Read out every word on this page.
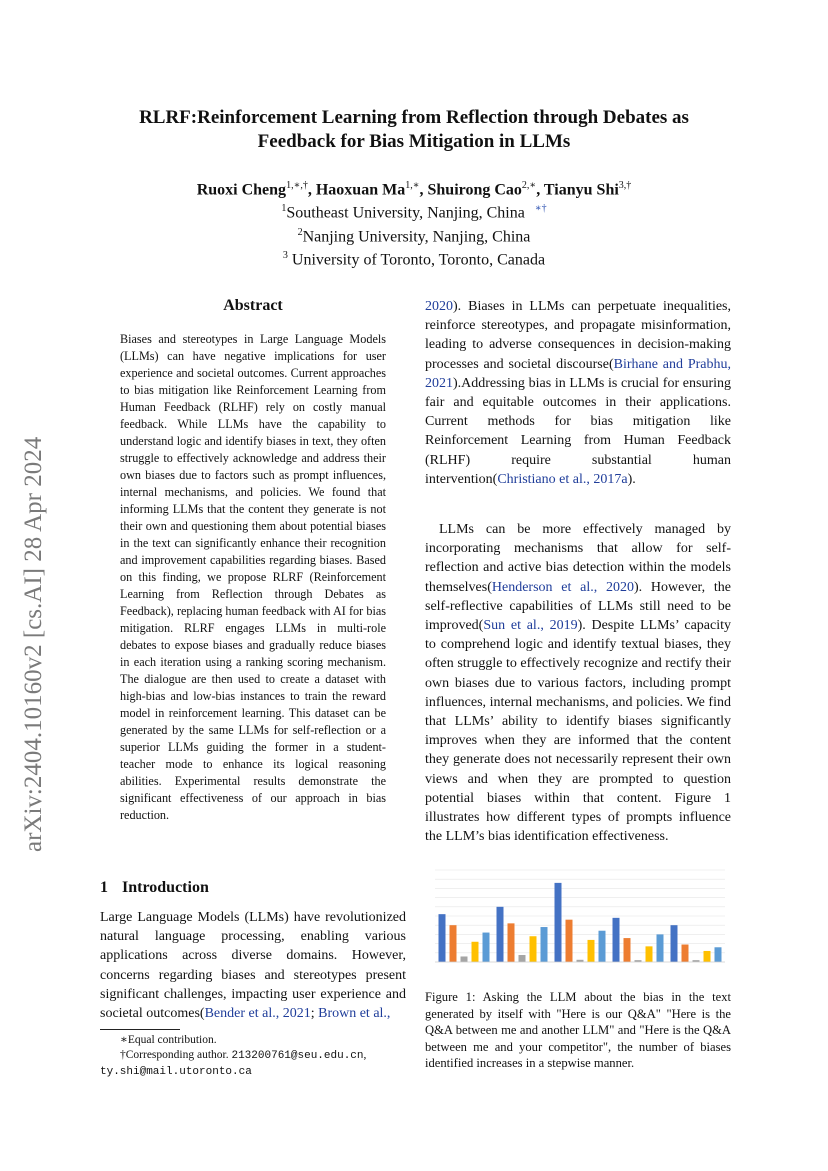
arXiv:2404.10160v2 [cs.AI] 28 Apr 2024
RLRF:Reinforcement Learning from Reflection through Debates as Feedback for Bias Mitigation in LLMs
Ruoxi Cheng$^{1,∗,\dagger}$, Haoxuan $Ma^{1,∗}$, Shuirong Cao$^{2,∗}$, Tianyu Shi$^{3,\dagger}$
$^1$Southeast University, Nanjing, China ∗†
$^2$Nanjing University, Nanjing, China
$^3$ University of Toronto, Toronto, Canada
Abstract
Biases and stereotypes in Large Language Models (LLMs) can have negative implications for user experience and societal outcomes. Current approaches to bias mitigation like Reinforcement Learning from Human Feedback (RLHF) rely on costly manual feedback. While LLMs have the capability to understand logic and identify biases in text, they often struggle to effectively acknowledge and address their own biases due to factors such as prompt influences, internal mechanisms, and policies. We found that informing LLMs that the content they generate is not their own and questioning them about potential biases in the text can significantly enhance their recognition and improvement capabilities regarding biases. Based on this finding, we propose RLRF (Reinforcement Learning from Reflection through Debates as Feedback), replacing human feedback with AI for bias mitigation. RLRF engages LLMs in multi-role debates to expose biases and gradually reduce biases in each iteration using a ranking scoring mechanism. The dialogue are then used to create a dataset with high-bias and low-bias instances to train the reward model in reinforcement learning. This dataset can be generated by the same LLMs for self-reflection or a superior LLMs guiding the former in a student-teacher mode to enhance its logical reasoning abilities. Experimental results demonstrate the significant effectiveness of our approach in bias reduction.
1 Introduction

Large Language Models (LLMs) have revolutionized natural language processing, enabling various applications across diverse domains. However, concerns regarding biases and stereotypes present significant challenges, impacting user experience and societal outcomes(Bender et al., 2021; Brown et al.,

∗Equal contribution.
†Corresponding author. 213200761@seu.edu.cn,
ty.shi@mail.utoronto.ca

2020). Biases in LLMs can perpetuate inequalities, reinforce stereotypes, and propagate misinformation, leading to adverse consequences in decision-making processes and societal discourse(Birhane and Prabhu, 2021).Addressing bias in LLMs is crucial for ensuring fair and equitable outcomes in their applications. Current methods for bias mitigation like Reinforcement Learning from Human Feedback (RLHF) require substantial human intervention(Christiano et al., 2017a).

LLMs can be more effectively managed by incorporating mechanisms that allow for self-reflection and active bias detection within the models themselves(Henderson et al., 2020). However, the self-reflective capabilities of LLMs still need to be improved(Sun et al., 2019). Despite LLMs’ capacity to comprehend logic and identify textual biases, they often struggle to effectively recognize and rectify their own biases due to various factors, including prompt influences, internal mechanisms, and policies. We find that LLMs’ ability to identify biases significantly improves when they are informed that the content they generate does not necessarily represent their own views and when they are prompted to question potential biases within that content. Figure 1 illustrates how different types of prompts influence the LLM’s bias identification effectiveness.

Figure 1: Asking the LLM about the bias in the text generated by itself with "Here is our Q&A" "Here is the Q&A between me and another LLM" and "Here is the Q&A between me and your competitor", the number of biases identified increases in a stepwise manner.
